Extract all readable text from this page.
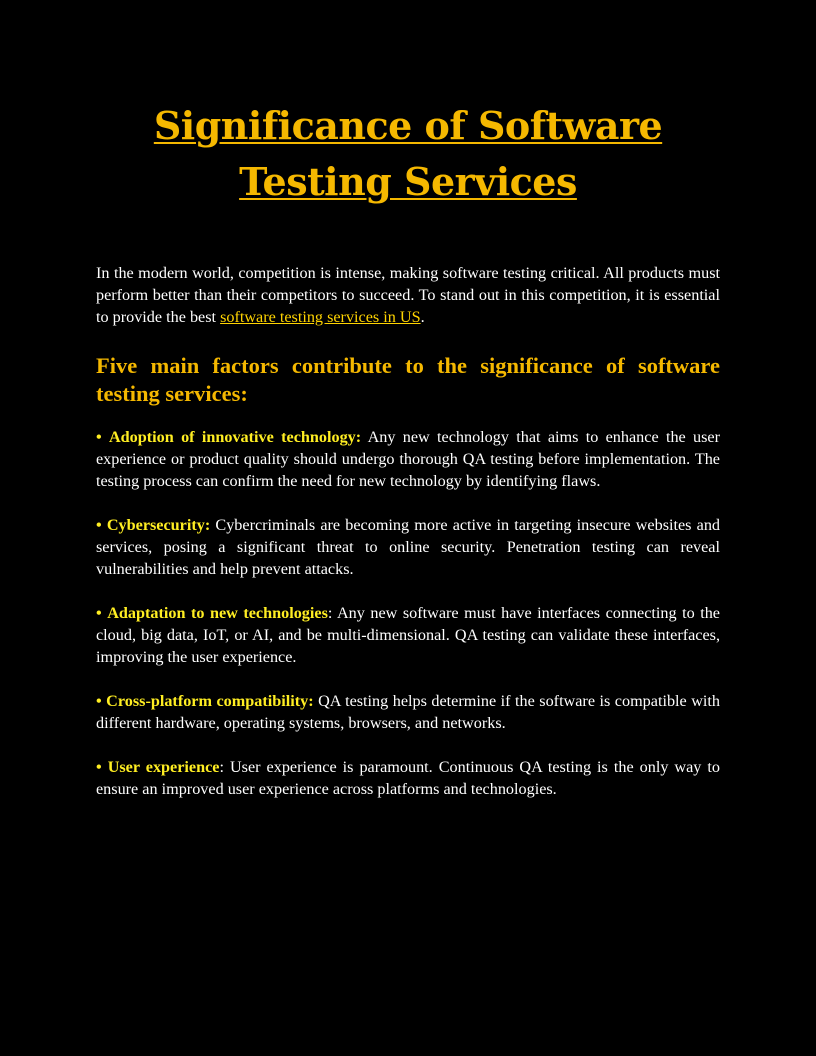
Significance of Software Testing Services

In the modern world, competition is intense, making software testing critical. All products must perform better than their competitors to succeed. To stand out in this competition, it is essential to provide the best software testing services in US.

Five main factors contribute to the significance of software testing services:
• Adoption of innovative technology: Any new technology that aims to enhance the user experience or product quality should undergo thorough QA testing before implementation. The testing process can confirm the need for new technology by identifying flaws.
• Cybersecurity: Cybercriminals are becoming more active in targeting insecure websites and services, posing a significant threat to online security. Penetration testing can reveal vulnerabilities and help prevent attacks.
• Adaptation to new technologies: Any new software must have interfaces connecting to the cloud, big data, IoT, or AI, and be multi-dimensional. QA testing can validate these interfaces, improving the user experience.
• Cross-platform compatibility: QA testing helps determine if the software is compatible with different hardware, operating systems, browsers, and networks.
• User experience: User experience is paramount. Continuous QA testing is the only way to ensure an improved user experience across platforms and technologies.
